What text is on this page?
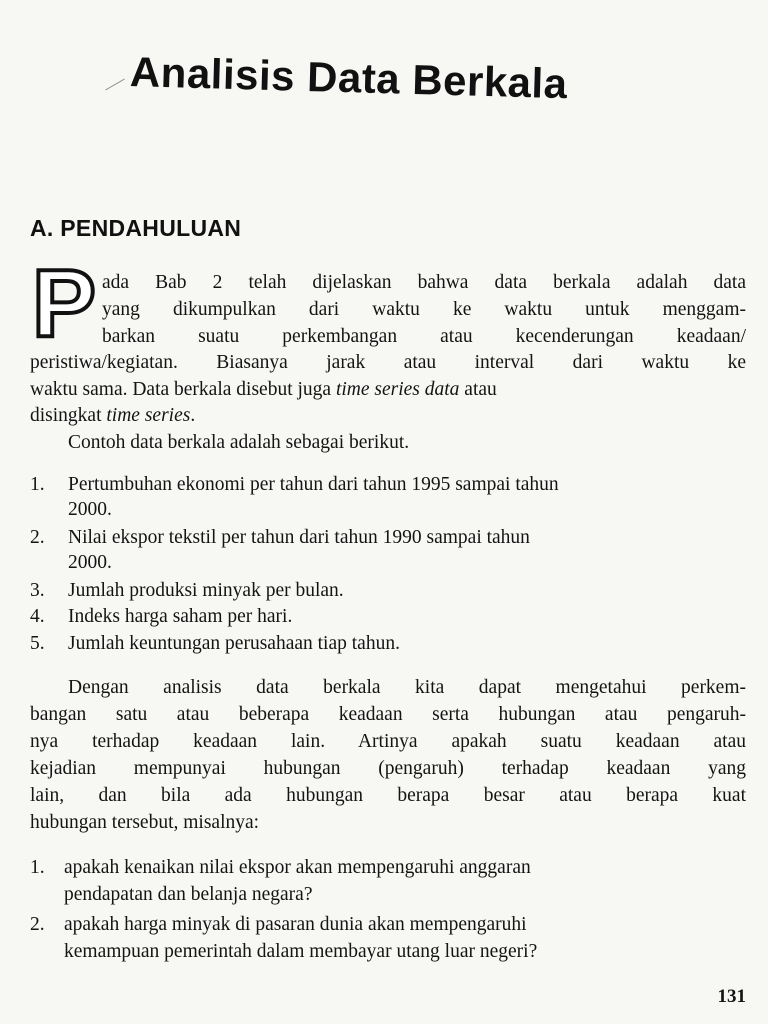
Analisis Data Berkala
A. PENDAHULUAN
P ada Bab 2 telah dijelaskan bahwa data berkala adalah data
yang dikumpulkan dari waktu ke waktu untuk menggam-
barkan suatu perkembangan atau kecenderungan keadaan/
peristiwa/kegiatan. Biasanya jarak atau interval dari waktu ke
waktu sama. Data berkala disebut juga time series data atau
disingkat time series.
Contoh data berkala adalah sebagai berikut.
1. Pertumbuhan ekonomi per tahun dari tahun 1995 sampai tahun
2000.
2. Nilai ekspor tekstil per tahun dari tahun 1990 sampai tahun
2000.
3. Jumlah produksi minyak per bulan.
4. Indeks harga saham per hari.
5. Jumlah keuntungan perusahaan tiap tahun.
Dengan analisis data berkala kita dapat mengetahui perkem-
bangan satu atau beberapa keadaan serta hubungan atau pengaruh-
nya terhadap keadaan lain. Artinya apakah suatu keadaan atau
kejadian mempunyai hubungan (pengaruh) terhadap keadaan yang
lain, dan bila ada hubungan berapa besar atau berapa kuat
hubungan tersebut, misalnya:
1. apakah kenaikan nilai ekspor akan mempengaruhi anggaran
pendapatan dan belanja negara?
2. apakah harga minyak di pasaran dunia akan mempengaruhi
kemampuan pemerintah dalam membayar utang luar negeri?
131
